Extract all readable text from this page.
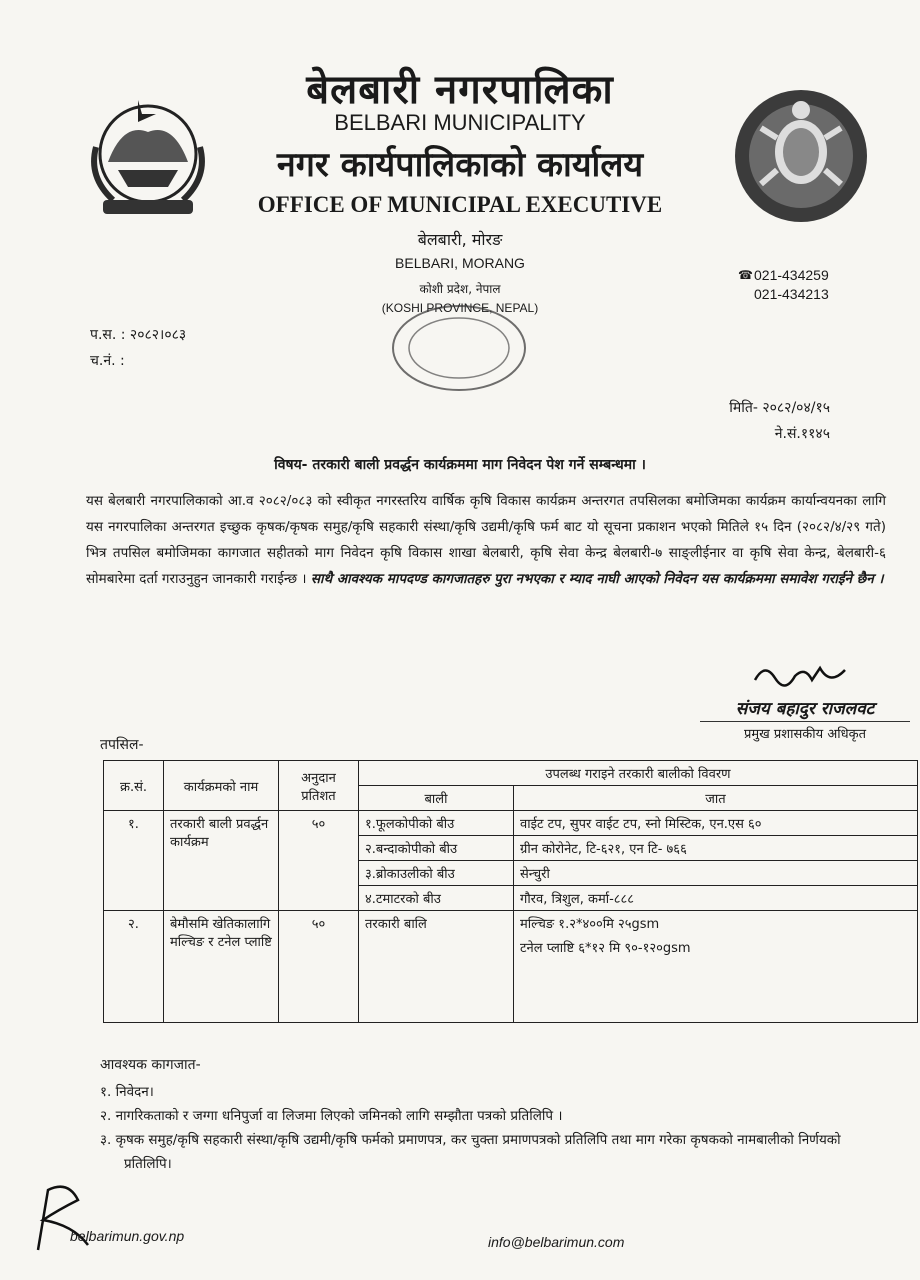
बेलबारी नगरपालिका
BELBARI MUNICIPALITY
नगर कार्यपालिकाको कार्यालय
OFFICE OF MUNICIPAL EXECUTIVE
बेलबारी, मोरङ
BELBARI, MORANG
कोशी प्रदेश, नेपाल
(KOSHI PROVINCE, NEPAL)
☎ 021-434259
021-434213
प.स. : २०८२।०८३
च.नं. :
मिति- २०८२/०४/१५
ने.सं.११४५
विषय- तरकारी बाली प्रवर्द्धन कार्यक्रममा माग निवेदन पेश गर्ने सम्बन्धमा ।
यस बेलबारी नगरपालिकाको आ.व २०८२/०८३ को स्वीकृत नगरस्तरिय वार्षिक कृषि विकास कार्यक्रम अन्तरगत तपसिलका बमोजिमका कार्यक्रम कार्यान्वयनका लागि यस नगरपालिका अन्तरगत इच्छुक कृषक/कृषक समुह/कृषि सहकारी संस्था/कृषि उद्यमी/कृषि फर्म बाट यो सूचना प्रकाशन भएको मितिले १५ दिन (२०८२/४/२९ गते) भित्र तपसिल बमोजिमका कागजात सहीतको माग निवेदन कृषि विकास शाखा बेलबारी, कृषि सेवा केन्द्र बेलबारी-७ साङ्लीईनार वा कृषि सेवा केन्द्र, बेलबारी-६ सोमबारेमा दर्ता गराउनुहुन जानकारी गराईन्छ । साथै आवश्यक मापदण्ड कागजातहरु पुरा नभएका र म्याद नाघी आएको निवेदन यस कार्यक्रममा समावेश गराईने छैन ।
संजय बहादुर राजलवट
प्रमुख प्रशासकीय अधिकृत
तपसिल-
क्र.सं.	कार्यक्रमको नाम	अनुदान प्रतिशत	उपलब्ध गराइने तरकारी बालीको विवरण	
			बाली	जात
१.	तरकारी बाली प्रवर्द्धन कार्यक्रम	५०	१.फूलकोपीको बीउ	वाईट टप, सुपर वाईट टप, स्नो मिस्टिक, एन.एस ६०
			२.बन्दाकोपीको बीउ	ग्रीन कोरोनेट, टि-६२१, एन टि- ७६६
			३.ब्रोकाउलीको बीउ	सेन्चुरी
			४.टमाटरको बीउ	गौरव, त्रिशुल, कर्मा-८८८
२.	बेमौसमि खेतिकालागि मल्चिङ र टनेल प्लाष्टि	५०	तरकारी बालि	मल्चिङ १.२*४००मि २५gsm
टनेल प्लाष्टि ६*१२ मि ९०-१२०gsm
आवश्यक कागजात-
१. निवेदन।
२. नागरिकताको र जग्गा धनिपुर्जा वा लिजमा लिएको जमिनको लागि सम्झौता पत्रको प्रतिलिपि ।
३. कृषक समुह/कृषि सहकारी संस्था/कृषि उद्यमी/कृषि फर्मको प्रमाणपत्र, कर चुक्ता प्रमाणपत्रको प्रतिलिपि तथा माग गरेका कृषकको नामबालीको निर्णयको प्रतिलिपि।
belbarimun.gov.np	info@belbarimun.com
